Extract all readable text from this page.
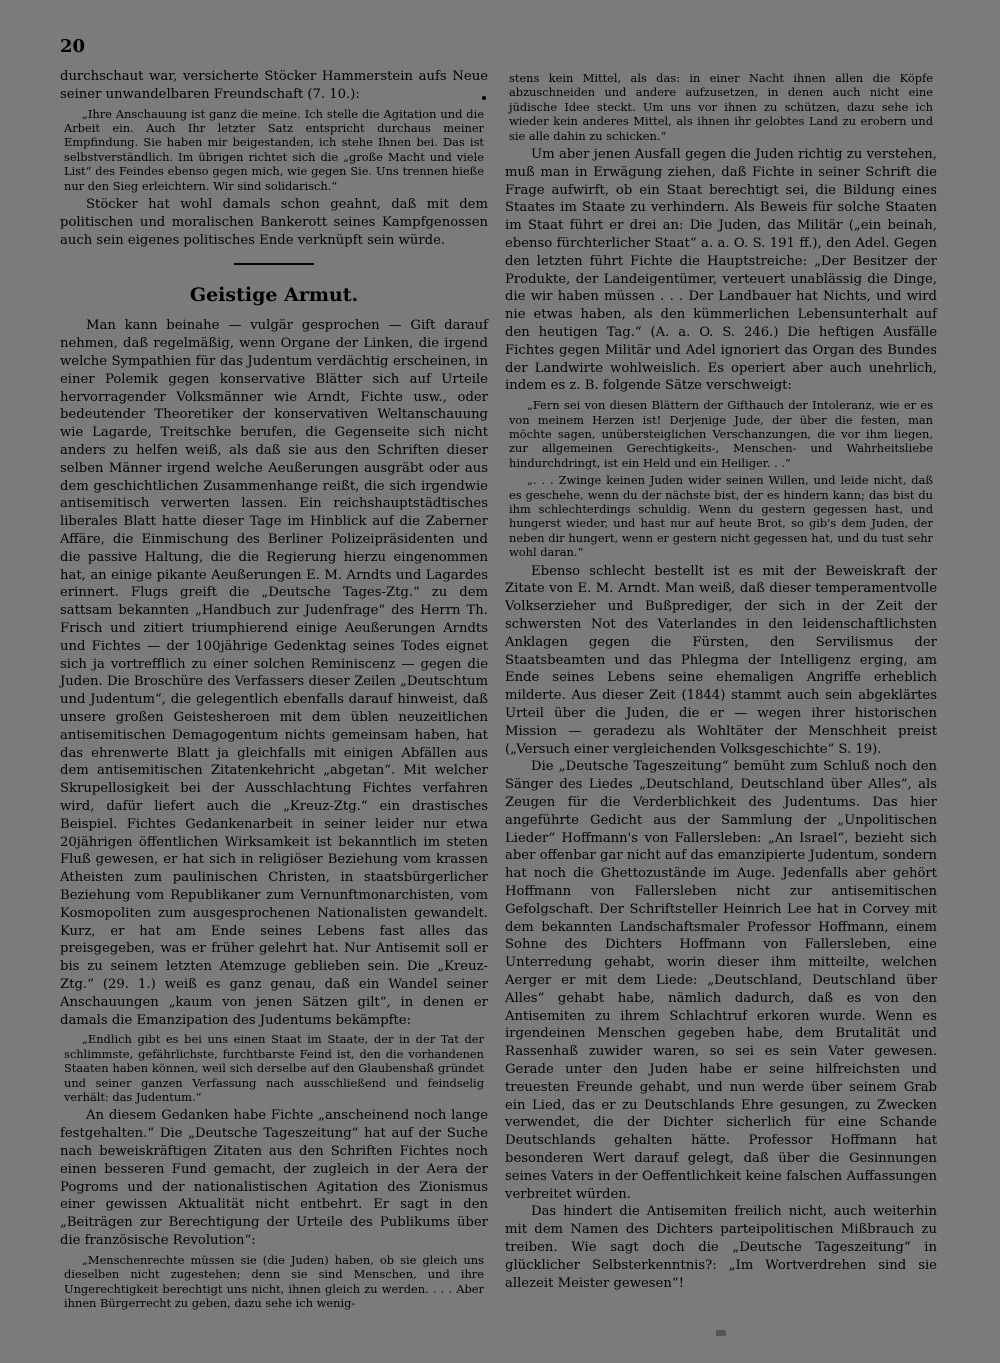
20

durchschaut war, versicherte Stöcker Hammerstein aufs Neue seiner unwandelbaren Freundschaft (7. 10.):

„Ihre Anschauung ist ganz die meine. Ich stelle die Agitation und die Arbeit ein. Auch Ihr letzter Satz entspricht durchaus meiner Empfindung. Sie haben mir beigestanden, ich stehe Ihnen bei. Das ist selbstverständlich. Im übrigen richtet sich die „große Macht und viele List“ des Feindes ebenso gegen mich, wie gegen Sie. Uns trennen hieße nur den Sieg erleichtern. Wir sind solidarisch.“

Stöcker hat wohl damals schon geahnt, daß mit dem politischen und moralischen Bankerott seines Kampfgenossen auch sein eigenes politisches Ende verknüpft sein würde.

Geistige Armut.

Man kann beinahe — vulgär gesprochen — Gift darauf nehmen, daß regelmäßig, wenn Organe der Linken, die irgend welche Sympathien für das Judentum verdächtig erscheinen, in einer Polemik gegen konservative Blätter sich auf Urteile hervorragender Volksmänner wie Arndt, Fichte usw., oder bedeutender Theoretiker der konservativen Weltanschauung wie Lagarde, Treitschke berufen, die Gegenseite sich nicht anders zu helfen weiß, als daß sie aus den Schriften dieser selben Männer irgend welche Aeußerungen ausgräbt oder aus dem geschichtlichen Zusammenhange reißt, die sich irgendwie antisemitisch verwerten lassen. Ein reichshauptstädtisches liberales Blatt hatte dieser Tage im Hinblick auf die Zaberner Affäre, die Einmischung des Berliner Polizeipräsidenten und die passive Haltung, die die Regierung hierzu eingenommen hat, an einige pikante Aeußerungen E. M. Arndts und Lagardes erinnert. Flugs greift die „Deutsche Tages-Ztg.“ zu dem sattsam bekannten „Handbuch zur Judenfrage“ des Herrn Th. Frisch und zitiert triumphierend einige Aeußerungen Arndts und Fichtes — der 100jährige Gedenktag seines Todes eignet sich ja vortrefflich zu einer solchen Reminiscenz — gegen die Juden. Die Broschüre des Verfassers dieser Zeilen „Deutschtum und Judentum“, die gelegentlich ebenfalls darauf hinweist, daß unsere großen Geistesheroen mit dem üblen neuzeitlichen antisemitischen Demagogentum nichts gemeinsam haben, hat das ehrenwerte Blatt ja gleichfalls mit einigen Abfällen aus dem antisemitischen Zitatenkehricht „abgetan“. Mit welcher Skrupellosigkeit bei der Ausschlachtung Fichtes verfahren wird, dafür liefert auch die „Kreuz-Ztg.“ ein drastisches Beispiel. Fichtes Gedankenarbeit in seiner leider nur etwa 20jährigen öffentlichen Wirksamkeit ist bekanntlich im steten Fluß gewesen, er hat sich in religiöser Beziehung vom krassen Atheisten zum paulinischen Christen, in staatsbürgerlicher Beziehung vom Republikaner zum Vernunftmonarchisten, vom Kosmopoliten zum ausgesprochenen Nationalisten gewandelt. Kurz, er hat am Ende seines Lebens fast alles das preisgegeben, was er früher gelehrt hat. Nur Antisemit soll er bis zu seinem letzten Atemzuge geblieben sein. Die „Kreuz-Ztg.“ (29. 1.) weiß es ganz genau, daß ein Wandel seiner Anschauungen „kaum von jenen Sätzen gilt“, in denen er damals die Emanzipation des Judentums bekämpfte:

„Endlich gibt es bei uns einen Staat im Staate, der in der Tat der schlimmste, gefährlichste, furchtbarste Feind ist, den die vorhandenen Staaten haben können, weil sich derselbe auf den Glaubenshaß gründet und seiner ganzen Verfassung nach ausschließend und feindselig verhält: das Judentum.“

An diesem Gedanken habe Fichte „anscheinend noch lange festgehalten.“ Die „Deutsche Tageszeitung“ hat auf der Suche nach beweiskräftigen Zitaten aus den Schriften Fichtes noch einen besseren Fund gemacht, der zugleich in der Aera der Pogroms und der nationalistischen Agitation des Zionismus einer gewissen Aktualität nicht entbehrt. Er sagt in den „Beiträgen zur Berechtigung der Urteile des Publikums über die französische Revolution“:

„Menschenrechte müssen sie (die Juden) haben, ob sie gleich uns dieselben nicht zugestehen; denn sie sind Menschen, und ihre Ungerechtigkeit berechtigt uns nicht, ihnen gleich zu werden. . . . Aber ihnen Bürgerrecht zu geben, dazu sehe ich wenig-

stens kein Mittel, als das: in einer Nacht ihnen allen die Köpfe abzuschneiden und andere aufzusetzen, in denen auch nicht eine jüdische Idee steckt. Um uns vor ihnen zu schützen, dazu sehe ich wieder kein anderes Mittel, als ihnen ihr gelobtes Land zu erobern und sie alle dahin zu schicken.“

Um aber jenen Ausfall gegen die Juden richtig zu verstehen, muß man in Erwägung ziehen, daß Fichte in seiner Schrift die Frage aufwirft, ob ein Staat berechtigt sei, die Bildung eines Staates im Staate zu verhindern. Als Beweis für solche Staaten im Staat führt er drei an: Die Juden, das Militär („ein beinah, ebenso fürchterlicher Staat“ a. a. O. S. 191 ff.), den Adel. Gegen den letzten führt Fichte die Hauptstreiche: „Der Besitzer der Produkte, der Landeigentümer, verteuert unablässig die Dinge, die wir haben müssen . . . Der Landbauer hat Nichts, und wird nie etwas haben, als den kümmerlichen Lebensunterhalt auf den heutigen Tag.“ (A. a. O. S. 246.) Die heftigen Ausfälle Fichtes gegen Militär und Adel ignoriert das Organ des Bundes der Landwirte wohlweislich. Es operiert aber auch unehrlich, indem es z. B. folgende Sätze verschweigt:

„Fern sei von diesen Blättern der Gifthauch der Intoleranz, wie er es von meinem Herzen ist! Derjenige Jude, der über die festen, man möchte sagen, unübersteiglichen Verschanzungen, die vor ihm liegen, zur allgemeinen Gerechtigkeits-, Menschen- und Wahrheitsliebe hindurchdringt, ist ein Held und ein Heiliger. . .“

„. . . Zwinge keinen Juden wider seinen Willen, und leide nicht, daß es geschehe, wenn du der nächste bist, der es hindern kann; das bist du ihm schlechterdings schuldig. Wenn du gestern gegessen hast, und hungerst wieder, und hast nur auf heute Brot, so gib's dem Juden, der neben dir hungert, wenn er gestern nicht gegessen hat, und du tust sehr wohl daran.“

Ebenso schlecht bestellt ist es mit der Beweiskraft der Zitate von E. M. Arndt. Man weiß, daß dieser temperamentvolle Volkserzieher und Bußprediger, der sich in der Zeit der schwersten Not des Vaterlandes in den leidenschaftlichsten Anklagen gegen die Fürsten, den Servilismus der Staatsbeamten und das Phlegma der Intelligenz erging, am Ende seines Lebens seine ehemaligen Angriffe erheblich milderte. Aus dieser Zeit (1844) stammt auch sein abgeklärtes Urteil über die Juden, die er — wegen ihrer historischen Mission — geradezu als Wohltäter der Menschheit preist („Versuch einer vergleichenden Volksgeschichte“ S. 19).

Die „Deutsche Tageszeitung“ bemüht zum Schluß noch den Sänger des Liedes „Deutschland, Deutschland über Alles“, als Zeugen für die Verderblichkeit des Judentums. Das hier angeführte Gedicht aus der Sammlung der „Unpolitischen Lieder“ Hoffmann's von Fallersleben: „An Israel“, bezieht sich aber offenbar gar nicht auf das emanzipierte Judentum, sondern hat noch die Ghettozustände im Auge. Jedenfalls aber gehört Hoffmann von Fallersleben nicht zur antisemitischen Gefolgschaft. Der Schriftsteller Heinrich Lee hat in Corvey mit dem bekannten Landschaftsmaler Professor Hoffmann, einem Sohne des Dichters Hoffmann von Fallersleben, eine Unterredung gehabt, worin dieser ihm mitteilte, welchen Aerger er mit dem Liede: „Deutschland, Deutschland über Alles“ gehabt habe, nämlich dadurch, daß es von den Antisemiten zu ihrem Schlachtruf erkoren wurde. Wenn es irgendeinen Menschen gegeben habe, dem Brutalität und Rassenhaß zuwider waren, so sei es sein Vater gewesen. Gerade unter den Juden habe er seine hilfreichsten und treuesten Freunde gehabt, und nun werde über seinem Grab ein Lied, das er zu Deutschlands Ehre gesungen, zu Zwecken verwendet, die der Dichter sicherlich für eine Schande Deutschlands gehalten hätte. Professor Hoffmann hat besonderen Wert darauf gelegt, daß über die Gesinnungen seines Vaters in der Oeffentlichkeit keine falschen Auffassungen verbreitet würden.

Das hindert die Antisemiten freilich nicht, auch weiterhin mit dem Namen des Dichters parteipolitischen Mißbrauch zu treiben. Wie sagt doch die „Deutsche Tageszeitung“ in glücklicher Selbsterkenntnis?: „Im Wortverdrehen sind sie allezeit Meister gewesen“!
